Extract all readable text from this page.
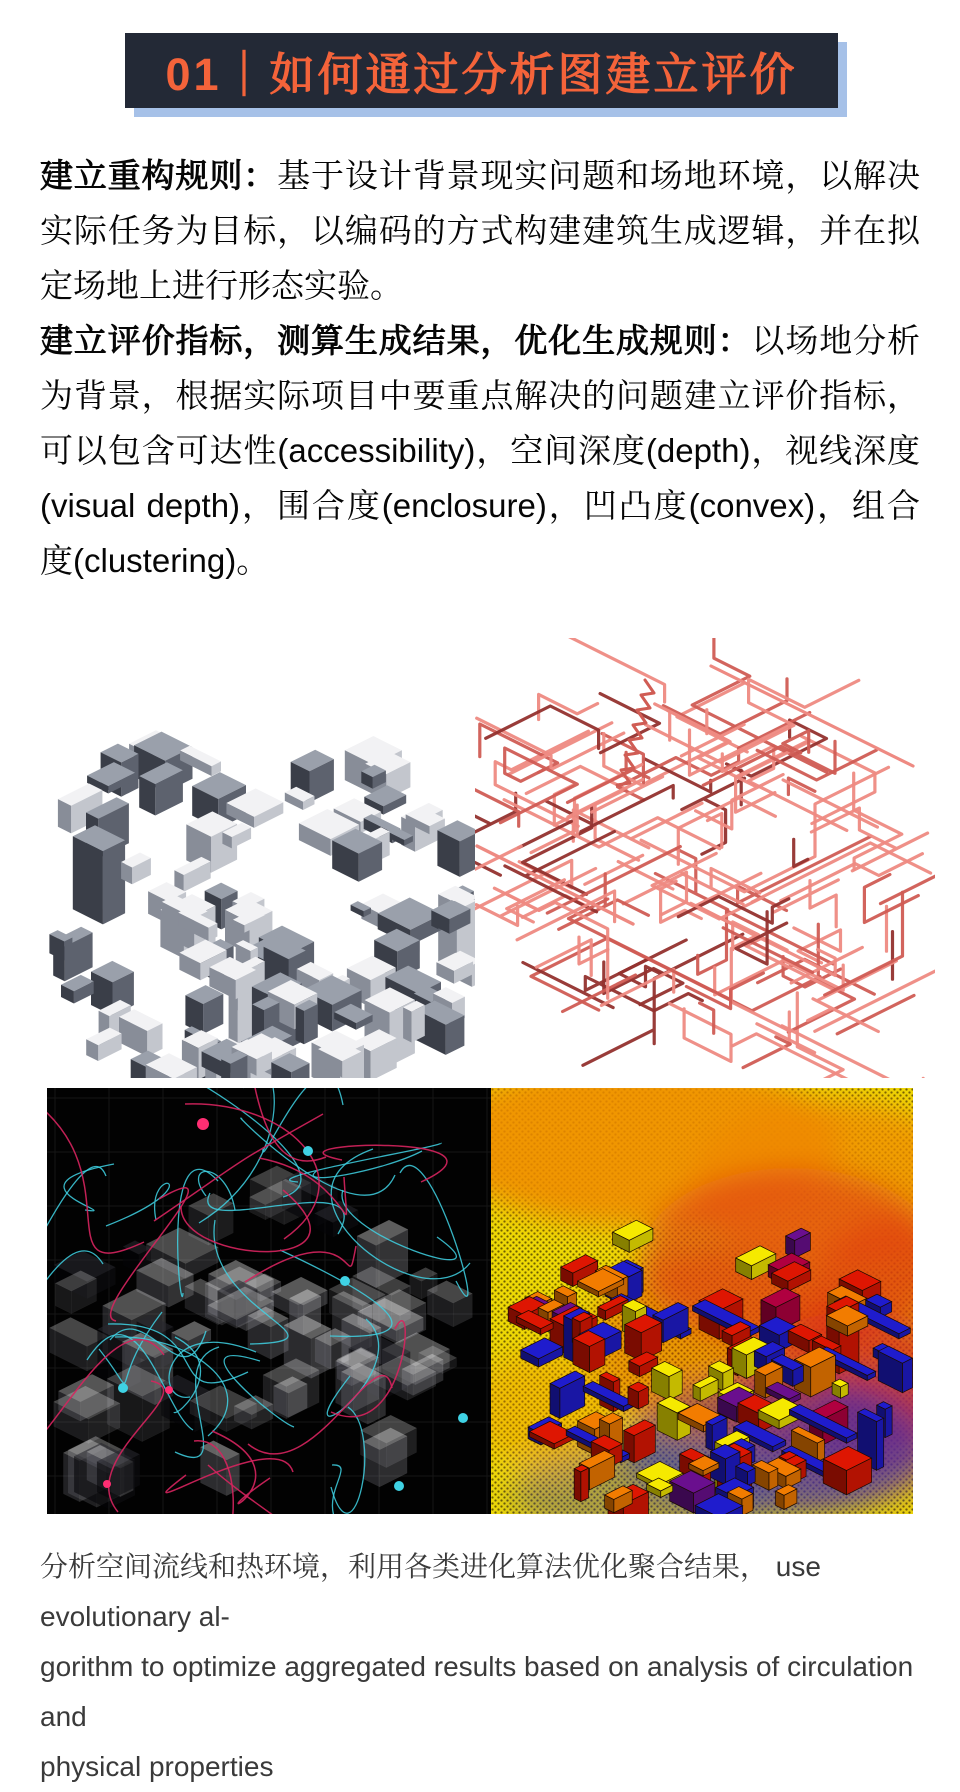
01｜如何通过分析图建立评价

建立重构规则：基于设计背景现实问题和场地环境，以解决实际任务为目标，以编码的方式构建建筑生成逻辑，并在拟定场地上进行形态实验。

建立评价指标，测算生成结果，优化生成规则：以场地分析为背景，根据实际项目中要重点解决的问题建立评价指标，可以包含可达性(accessibility)，空间深度(depth)，视线深度(visual depth)，围合度(enclosure)，凹凸度(convex)，组合度(clustering)。

分析空间流线和热环境，利用各类进化算法优化聚合结果， use evolutionary al-
gorithm to optimize aggregated results based on analysis of circulation and
physical properties
